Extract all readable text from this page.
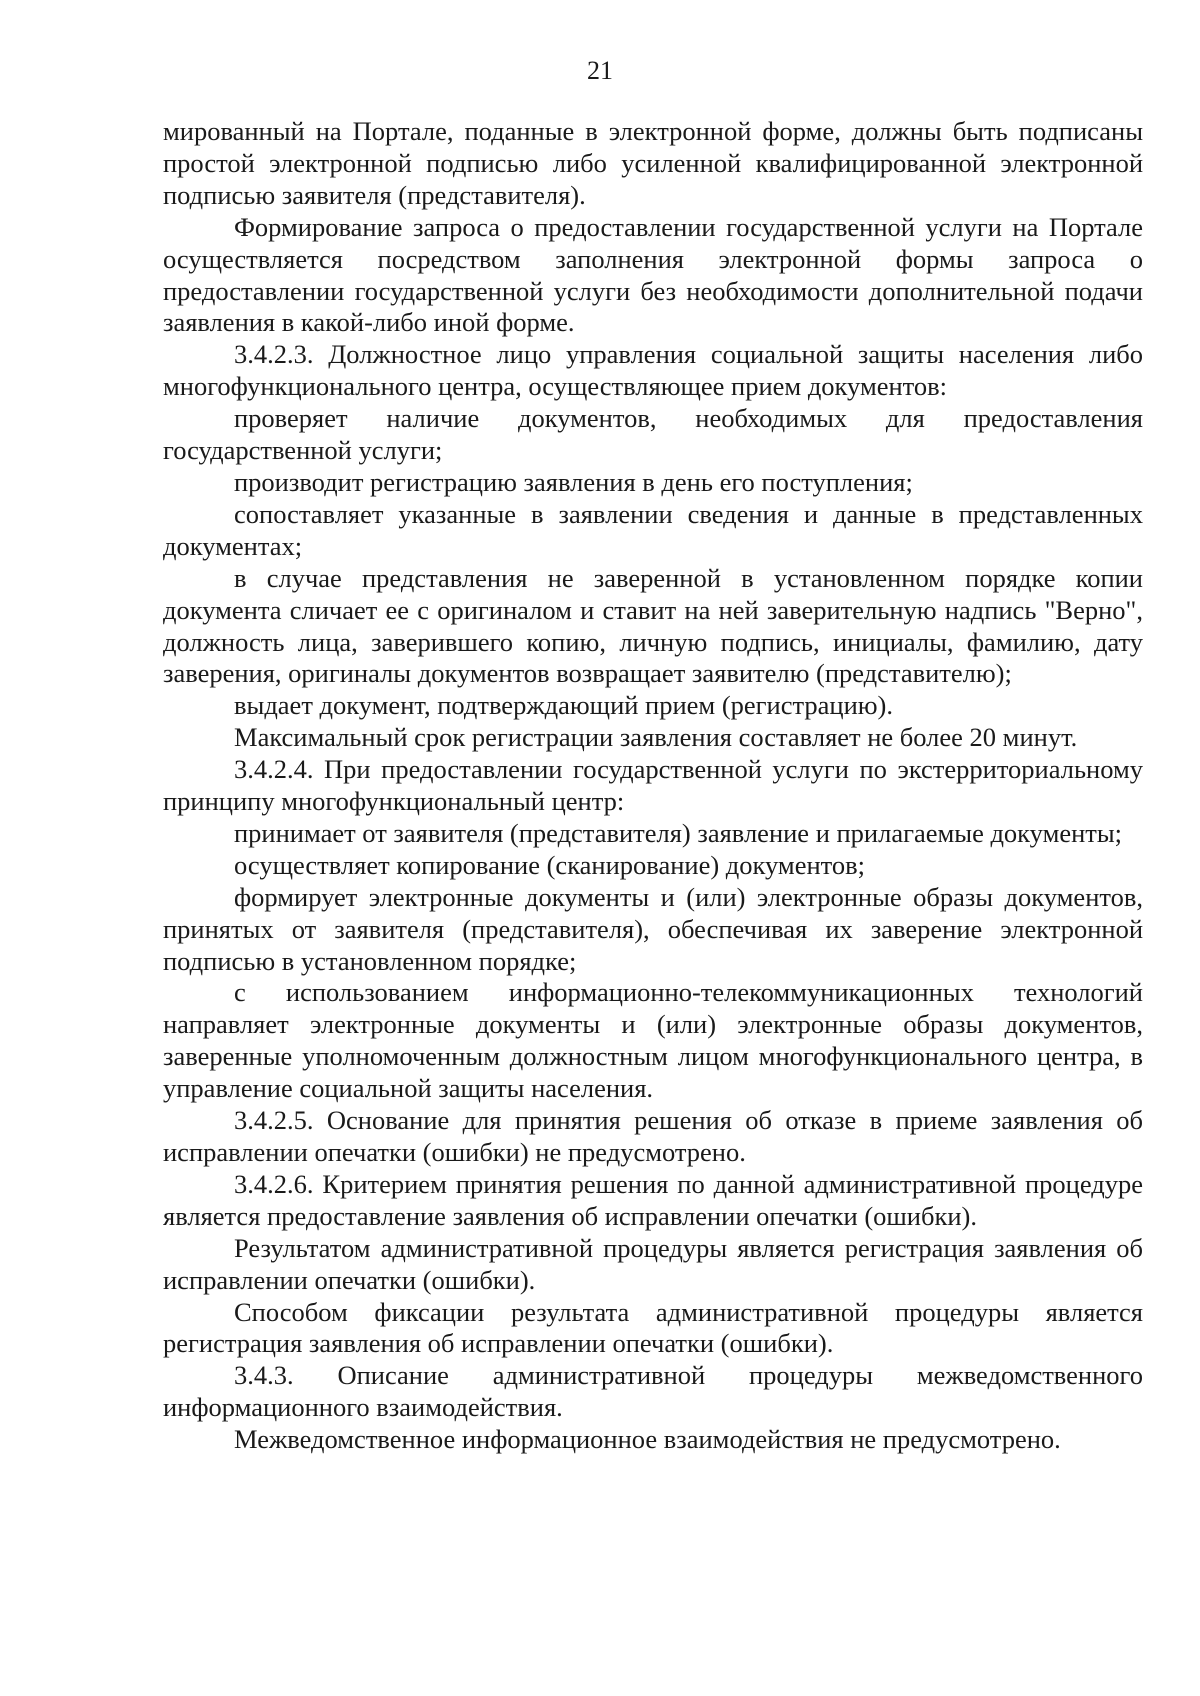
21

мированный на Портале, поданные в электронной форме, должны быть подписаны простой электронной подписью либо усиленной квалифицированной электронной подписью заявителя (представителя).

Формирование запроса о предоставлении государственной услуги на Портале осуществляется посредством заполнения электронной формы запроса о предоставлении государственной услуги без необходимости дополнительной подачи заявления в какой-либо иной форме.

3.4.2.3. Должностное лицо управления социальной защиты населения либо многофункционального центра, осуществляющее прием документов:

проверяет наличие документов, необходимых для предоставления государственной услуги;

производит регистрацию заявления в день его поступления;

сопоставляет указанные в заявлении сведения и данные в представленных документах;

в случае представления не заверенной в установленном порядке копии документа сличает ее с оригиналом и ставит на ней заверительную надпись "Верно", должность лица, заверившего копию, личную подпись, инициалы, фамилию, дату заверения, оригиналы документов возвращает заявителю (представителю);

выдает документ, подтверждающий прием (регистрацию).

Максимальный срок регистрации заявления составляет не более 20 минут.

3.4.2.4. При предоставлении государственной услуги по экстерриториальному принципу многофункциональный центр:

принимает от заявителя (представителя) заявление и прилагаемые документы;

осуществляет копирование (сканирование) документов;

формирует электронные документы и (или) электронные образы документов, принятых от заявителя (представителя), обеспечивая их заверение электронной подписью в установленном порядке;

с использованием информационно-телекоммуникационных технологий направляет электронные документы и (или) электронные образы документов, заверенные уполномоченным должностным лицом многофункционального центра, в управление социальной защиты населения.

3.4.2.5. Основание для принятия решения об отказе в приеме заявления об исправлении опечатки (ошибки) не предусмотрено.

3.4.2.6. Критерием принятия решения по данной административной процедуре является предоставление заявления об исправлении опечатки (ошибки).

Результатом административной процедуры является регистрация заявления об исправлении опечатки (ошибки).

Способом фиксации результата административной процедуры является регистрация заявления об исправлении опечатки (ошибки).

3.4.3. Описание административной процедуры межведомственного информационного взаимодействия.

Межведомственное информационное взаимодействия не предусмотрено.
